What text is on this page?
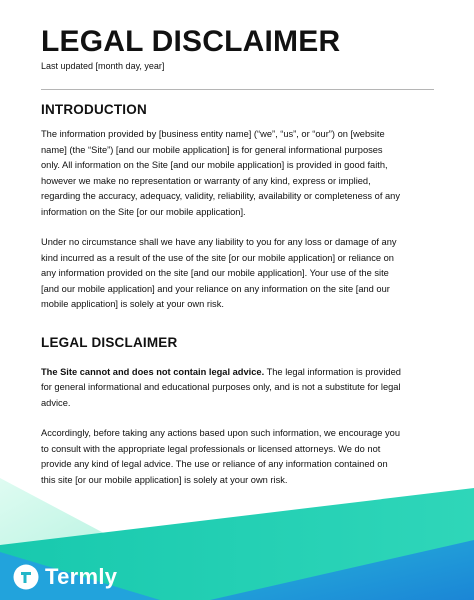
LEGAL DISCLAIMER
Last updated [month day, year]
INTRODUCTION

The information provided by [business entity name] (“we”, “us”, or “our”) on [website
name] (the “Site”) [and our mobile application] is for general informational purposes
only. All information on the Site [and our mobile application] is provided in good faith,
however we make no representation or warranty of any kind, express or implied,
regarding the accuracy, adequacy, validity, reliability, availability or completeness of any
information on the Site [or our mobile application].

Under no circumstance shall we have any liability to you for any loss or damage of any
kind incurred as a result of the use of the site [or our mobile application] or reliance on
any information provided on the site [and our mobile application]. Your use of the site
[and our mobile application] and your reliance on any information on the site [and our
mobile application] is solely at your own risk.

LEGAL DISCLAIMER

The Site cannot and does not contain legal advice. The legal information is provided
for general informational and educational purposes only, and is not a substitute for legal
advice.

Accordingly, before taking any actions based upon such information, we encourage you
to consult with the appropriate legal professionals or licensed attorneys. We do not
provide any kind of legal advice. The use or reliance of any information contained on
this site [or our mobile application] is solely at your own risk.

Termly
